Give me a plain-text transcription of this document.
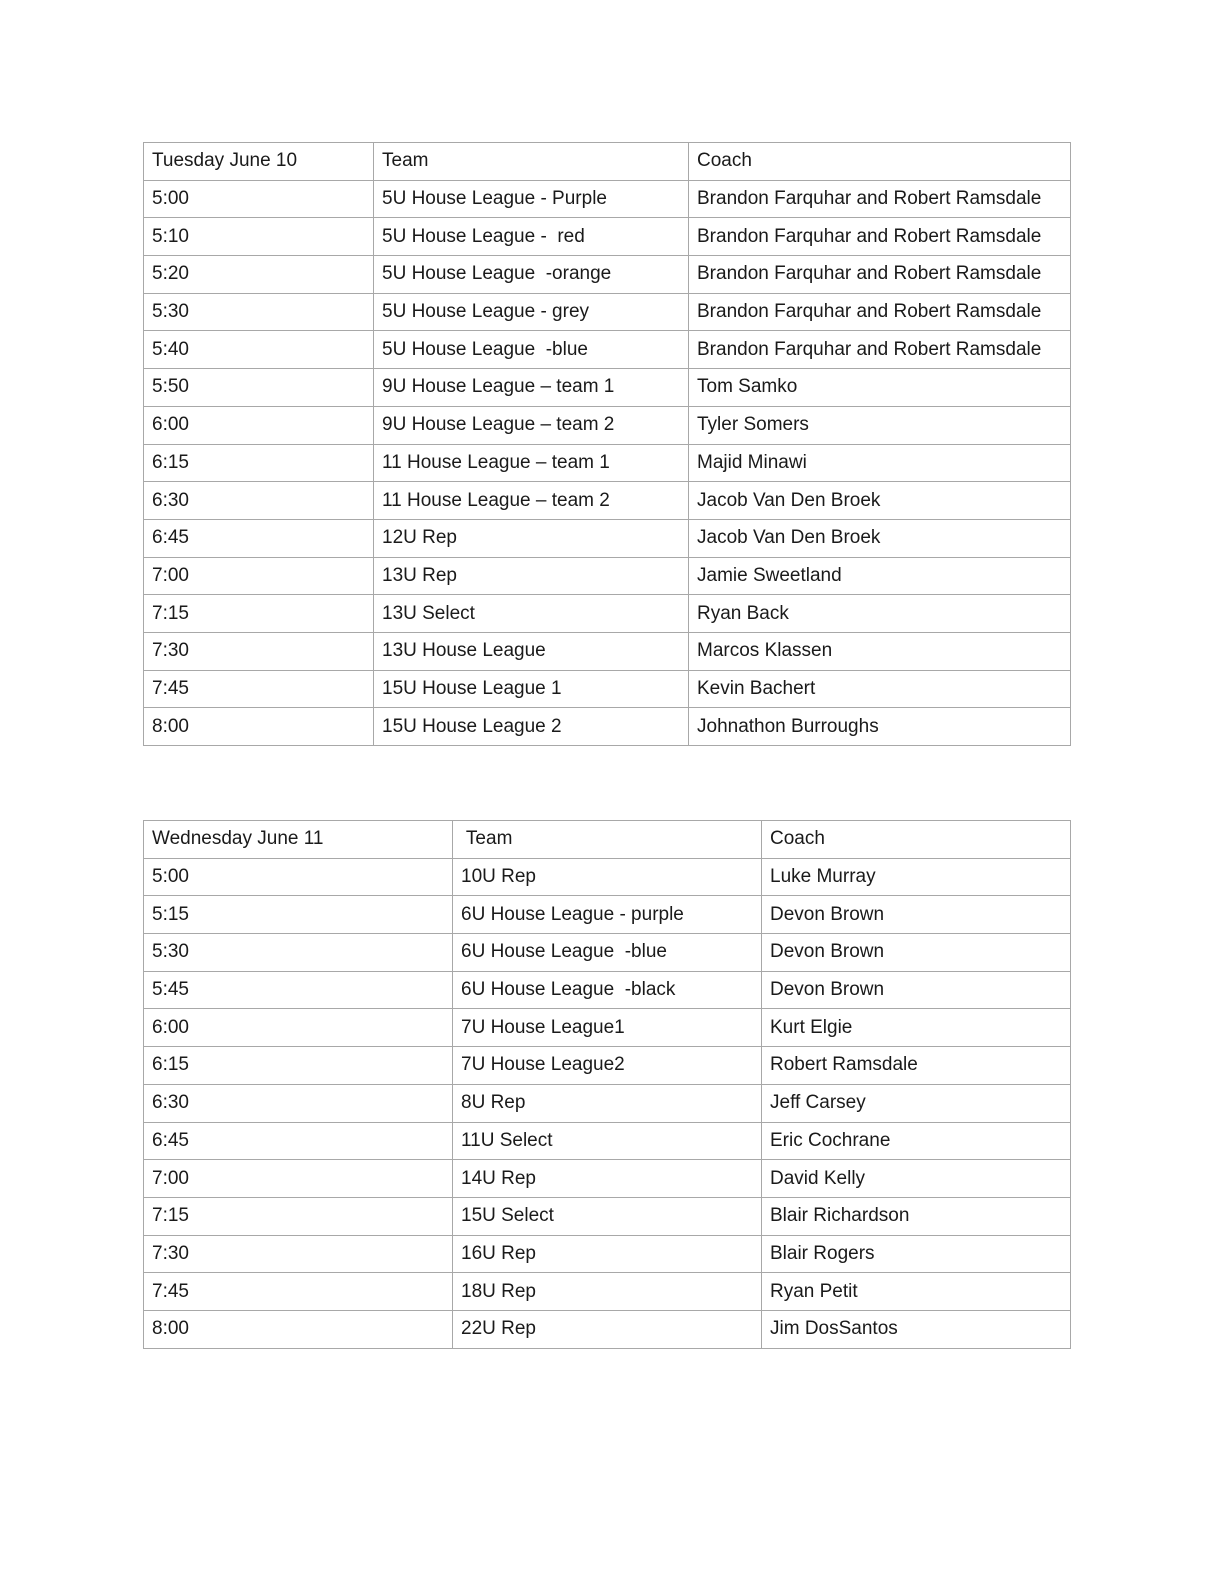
Tuesday June 10	Team	Coach
5:00	5U House League - Purple	Brandon Farquhar and Robert Ramsdale
5:10	5U House League -  red	Brandon Farquhar and Robert Ramsdale
5:20	5U House League  -orange	Brandon Farquhar and Robert Ramsdale
5:30	5U House League - grey	Brandon Farquhar and Robert Ramsdale
5:40	5U House League  -blue	Brandon Farquhar and Robert Ramsdale
5:50	9U House League – team 1	Tom Samko
6:00	9U House League – team 2	Tyler Somers
6:15	11 House League – team 1	Majid Minawi
6:30	11 House League – team 2	Jacob Van Den Broek
6:45	12U Rep	Jacob Van Den Broek
7:00	13U Rep	Jamie Sweetland
7:15	13U Select	Ryan Back
7:30	13U House League	Marcos Klassen
7:45	15U House League 1	Kevin Bachert
8:00	15U House League 2	Johnathon Burroughs
Wednesday June 11	Team	Coach
5:00	10U Rep	Luke Murray
5:15	6U House League - purple	Devon Brown
5:30	6U House League  -blue	Devon Brown
5:45	6U House League  -black	Devon Brown
6:00	7U House League1	Kurt Elgie
6:15	7U House League2	Robert Ramsdale
6:30	8U Rep	Jeff Carsey
6:45	11U Select	Eric Cochrane
7:00	14U Rep	David Kelly
7:15	15U Select	Blair Richardson
7:30	16U Rep	Blair Rogers
7:45	18U Rep	Ryan Petit
8:00	22U Rep	Jim DosSantos
